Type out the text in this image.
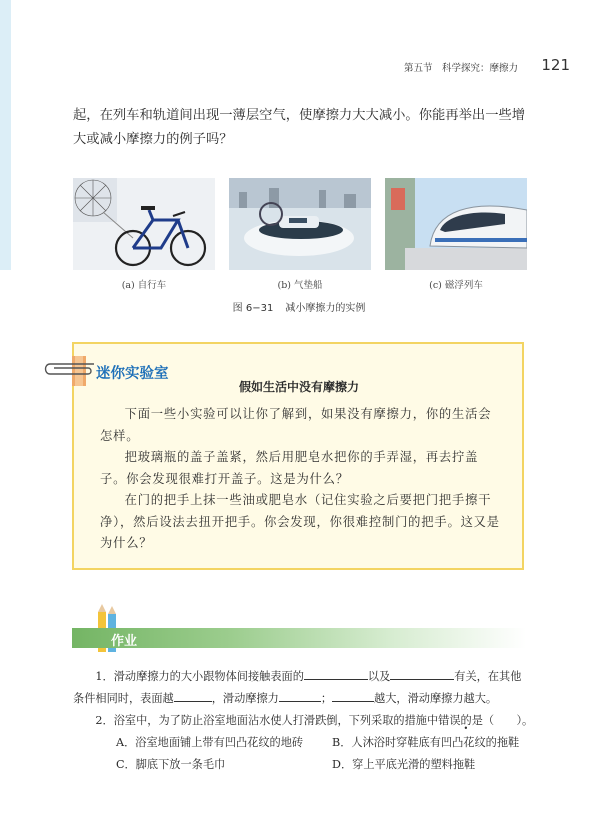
第五节　科学探究：摩擦力 121
起，在列车和轨道间出现一薄层空气，使摩擦力大大减小。你能再举出一些增大或减小摩擦力的例子吗？
(a) 自行车	(b) 气垫船	(c) 磁浮列车
图 6−31 减小摩擦力的实例
迷你实验室
假如生活中没有摩擦力

下面一些小实验可以让你了解到，如果没有摩擦力，你的生活会怎样。

把玻璃瓶的盖子盖紧，然后用肥皂水把你的手弄湿，再去拧盖子。你会发现很难打开盖子。这是为什么？

在门的把手上抹一些油或肥皂水（记住实验之后要把门把手擦干净），然后设法去扭开把手。你会发现，你很难控制门的把手。这又是为什么？

作业
1．滑动摩擦力的大小跟物体间接触表面的	以及	有关，在其他
条件相同时，表面越	，滑动摩擦力	；	越大，滑动摩擦力越大。
2．浴室中，为了防止浴室地面沾水使人打滑跌倒，下列采取的措施中错误的是（　　）。
A．浴室地面铺上带有凹凸花纹的地砖	B．人沐浴时穿鞋底有凹凸花纹的拖鞋
C．脚底下放一条毛巾	D．穿上平底光滑的塑料拖鞋
